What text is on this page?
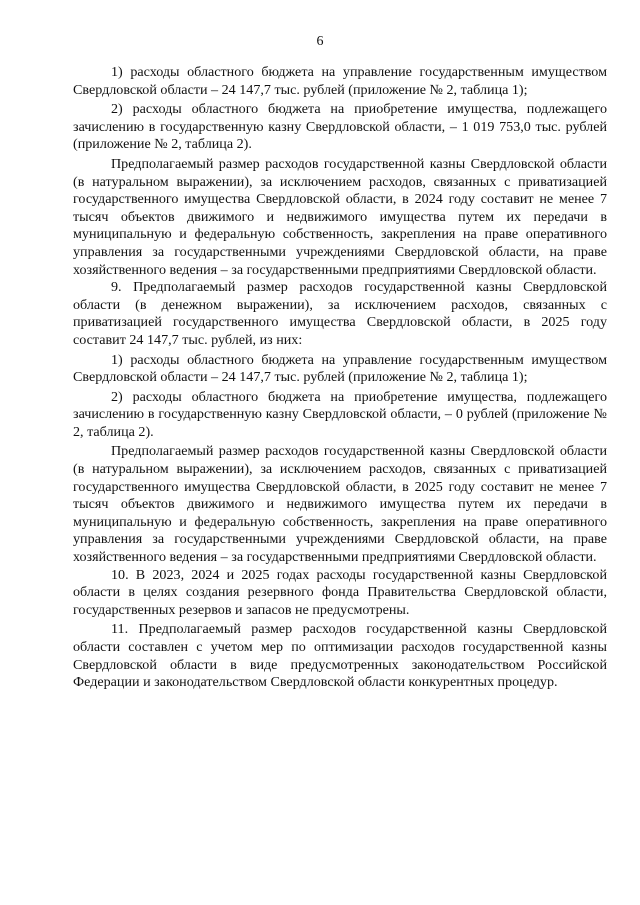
6

1) расходы областного бюджета на управление государственным имуществом Свердловской области – 24 147,7 тыс. рублей (приложение № 2, таблица 1);

2) расходы областного бюджета на приобретение имущества, подлежащего зачислению в государственную казну Свердловской области, – 1 019 753,0 тыс. рублей (приложение № 2, таблица 2).

Предполагаемый размер расходов государственной казны Свердловской области (в натуральном выражении), за исключением расходов, связанных с приватизацией государственного имущества Свердловской области, в 2024 году составит не менее 7 тысяч объектов движимого и недвижимого имущества путем их передачи в муниципальную и федеральную собственность, закрепления на праве оперативного управления за государственными учреждениями Свердловской области, на праве хозяйственного ведения – за государственными предприятиями Свердловской области.

9. Предполагаемый размер расходов государственной казны Свердловской области (в денежном выражении), за исключением расходов, связанных с приватизацией государственного имущества Свердловской области, в 2025 году составит 24 147,7 тыс. рублей, из них:

1) расходы областного бюджета на управление государственным имуществом Свердловской области – 24 147,7 тыс. рублей (приложение № 2, таблица 1);

2) расходы областного бюджета на приобретение имущества, подлежащего зачислению в государственную казну Свердловской области, – 0 рублей (приложение № 2, таблица 2).

Предполагаемый размер расходов государственной казны Свердловской области (в натуральном выражении), за исключением расходов, связанных с приватизацией государственного имущества Свердловской области, в 2025 году составит не менее 7 тысяч объектов движимого и недвижимого имущества путем их передачи в муниципальную и федеральную собственность, закрепления на праве оперативного управления за государственными учреждениями Свердловской области, на праве хозяйственного ведения – за государственными предприятиями Свердловской области.

10. В 2023, 2024 и 2025 годах расходы государственной казны Свердловской области в целях создания резервного фонда Правительства Свердловской области, государственных резервов и запасов не предусмотрены.

11. Предполагаемый размер расходов государственной казны Свердловской области составлен с учетом мер по оптимизации расходов государственной казны Свердловской области в виде предусмотренных законодательством Российской Федерации и законодательством Свердловской области конкурентных процедур.
